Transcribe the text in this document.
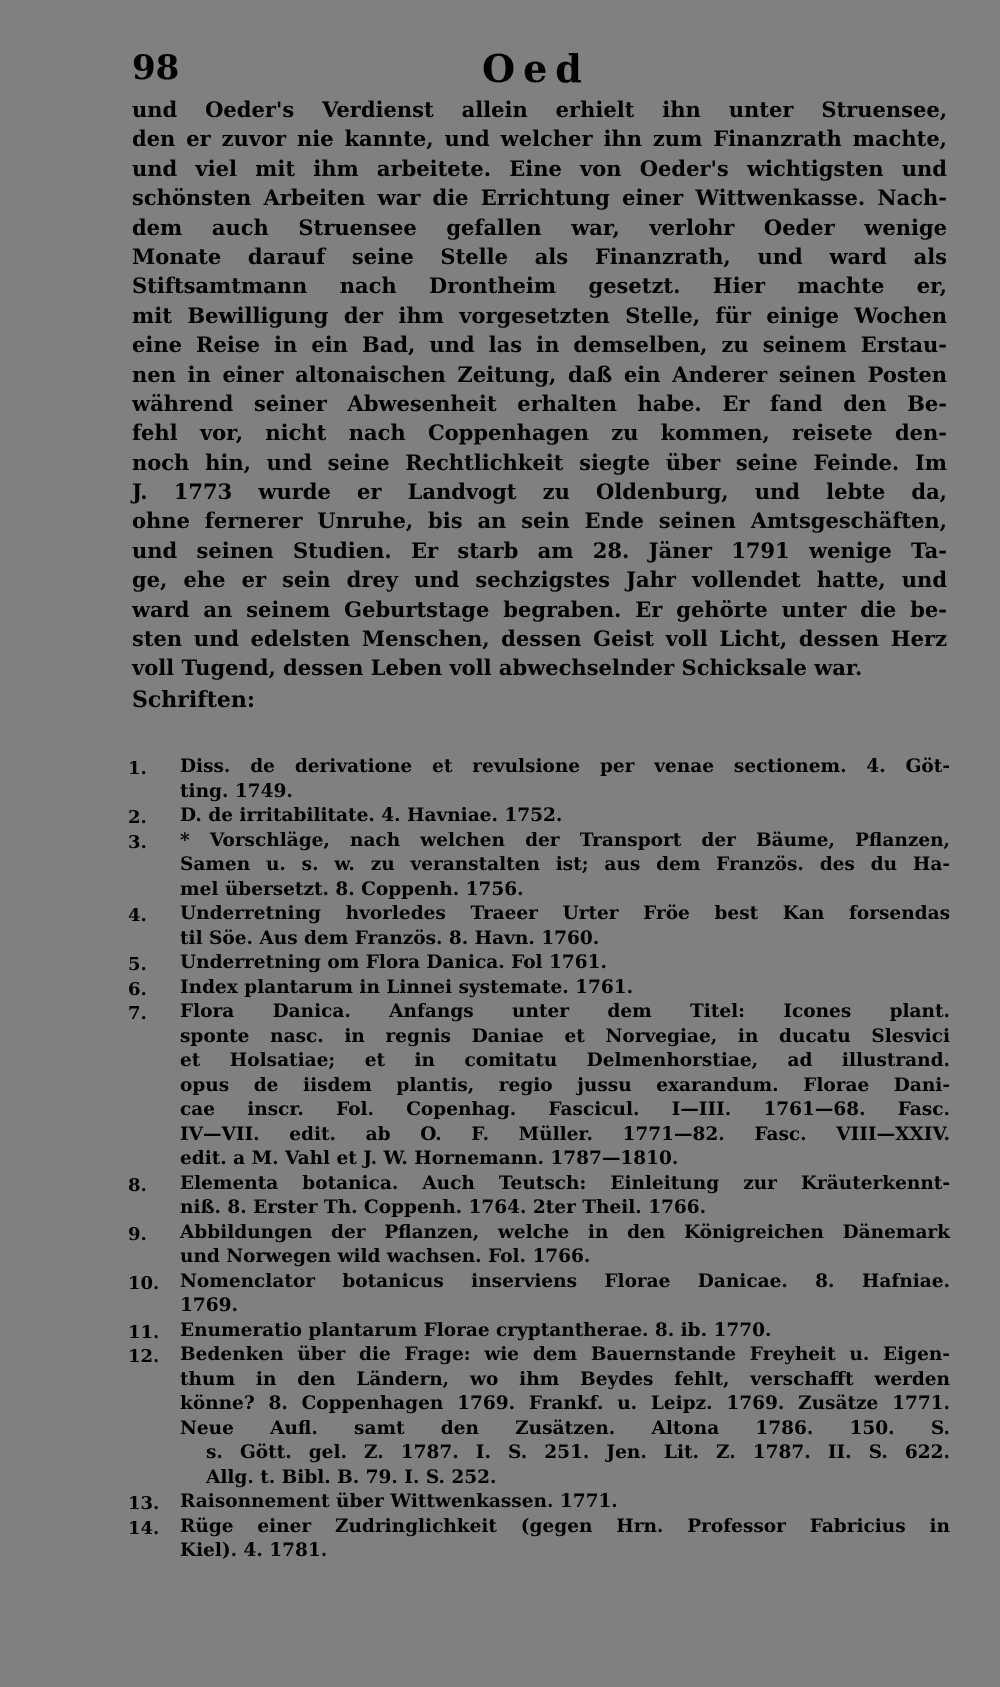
98	Oed

und Oeder's Verdienst allein erhielt ihn unter Struensee,

den er zuvor nie kannte, und welcher ihn zum Finanzrath machte,

und viel mit ihm arbeitete. Eine von Oeder's wichtigsten und

schönsten Arbeiten war die Errichtung einer Wittwenkasse. Nach-

dem auch Struensee gefallen war, verlohr Oeder wenige

Monate darauf seine Stelle als Finanzrath, und ward als

Stiftsamtmann nach Drontheim gesetzt. Hier machte er,

mit Bewilligung der ihm vorgesetzten Stelle, für einige Wochen

eine Reise in ein Bad, und las in demselben, zu seinem Erstau-

nen in einer altonaischen Zeitung, daß ein Anderer seinen Posten

während seiner Abwesenheit erhalten habe. Er fand den Be-

fehl vor, nicht nach Coppenhagen zu kommen, reisete den-

noch hin, und seine Rechtlichkeit siegte über seine Feinde. Im

J. 1773 wurde er Landvogt zu Oldenburg, und lebte da,

ohne fernerer Unruhe, bis an sein Ende seinen Amtsgeschäften,

und seinen Studien. Er starb am 28. Jäner 1791 wenige Ta-

ge, ehe er sein drey und sechzigstes Jahr vollendet hatte, und

ward an seinem Geburtstage begraben. Er gehörte unter die be-

sten und edelsten Menschen, dessen Geist voll Licht, dessen Herz

voll Tugend, dessen Leben voll abwechselnder Schicksale war.

Schriften:
1.	Diss. de derivatione et revulsione per venae sectionem. 4. Göt-

ting. 1749.

2.	D. de irritabilitate. 4. Havniae. 1752.

3.	* Vorschläge, nach welchen der Transport der Bäume, Pflanzen,

Samen u. s. w. zu veranstalten ist; aus dem Französ. des du Ha-

mel übersetzt. 8. Coppenh. 1756.

4.	Underretning hvorledes Traeer Urter Fröe best Kan forsendas

til Söe. Aus dem Französ. 8. Havn. 1760.

5.	Underretning om Flora Danica. Fol 1761.

6.	Index plantarum in Linnei systemate. 1761.

7.	Flora Danica. Anfangs unter dem Titel: Icones plant.

sponte nasc. in regnis Daniae et Norvegiae, in ducatu Slesvici

et Holsatiae; et in comitatu Delmenhorstiae, ad illustrand.

opus de iisdem plantis, regio jussu exarandum. Florae Dani-

cae inscr. Fol. Copenhag. Fascicul. I—III. 1761—68. Fasc.

IV—VII. edit. ab O. F. Müller. 1771—82. Fasc. VIII—XXIV.

edit. a M. Vahl et J. W. Hornemann. 1787—1810.

8.	Elementa botanica. Auch Teutsch: Einleitung zur Kräuterkennt-

niß. 8. Erster Th. Coppenh. 1764. 2ter Theil. 1766.

9.	Abbildungen der Pflanzen, welche in den Königreichen Dänemark

und Norwegen wild wachsen. Fol. 1766.

10.	Nomenclator botanicus inserviens Florae Danicae. 8. Hafniae.

1769.

11.	Enumeratio plantarum Florae cryptantherae. 8. ib. 1770.

12.	Bedenken über die Frage: wie dem Bauernstande Freyheit u. Eigen-

thum in den Ländern, wo ihm Beydes fehlt, verschafft werden

könne? 8. Coppenhagen 1769. Frankf. u. Leipz. 1769. Zusätze 1771.

Neue Aufl. samt den Zusätzen. Altona 1786. 150. S.

s. Gött. gel. Z. 1787. I. S. 251. Jen. Lit. Z. 1787. II. S. 622.

Allg. t. Bibl. B. 79. I. S. 252.

13.	Raisonnement über Wittwenkassen. 1771.

14.	Rüge einer Zudringlichkeit (gegen Hrn. Professor Fabricius in

Kiel). 4. 1781.
